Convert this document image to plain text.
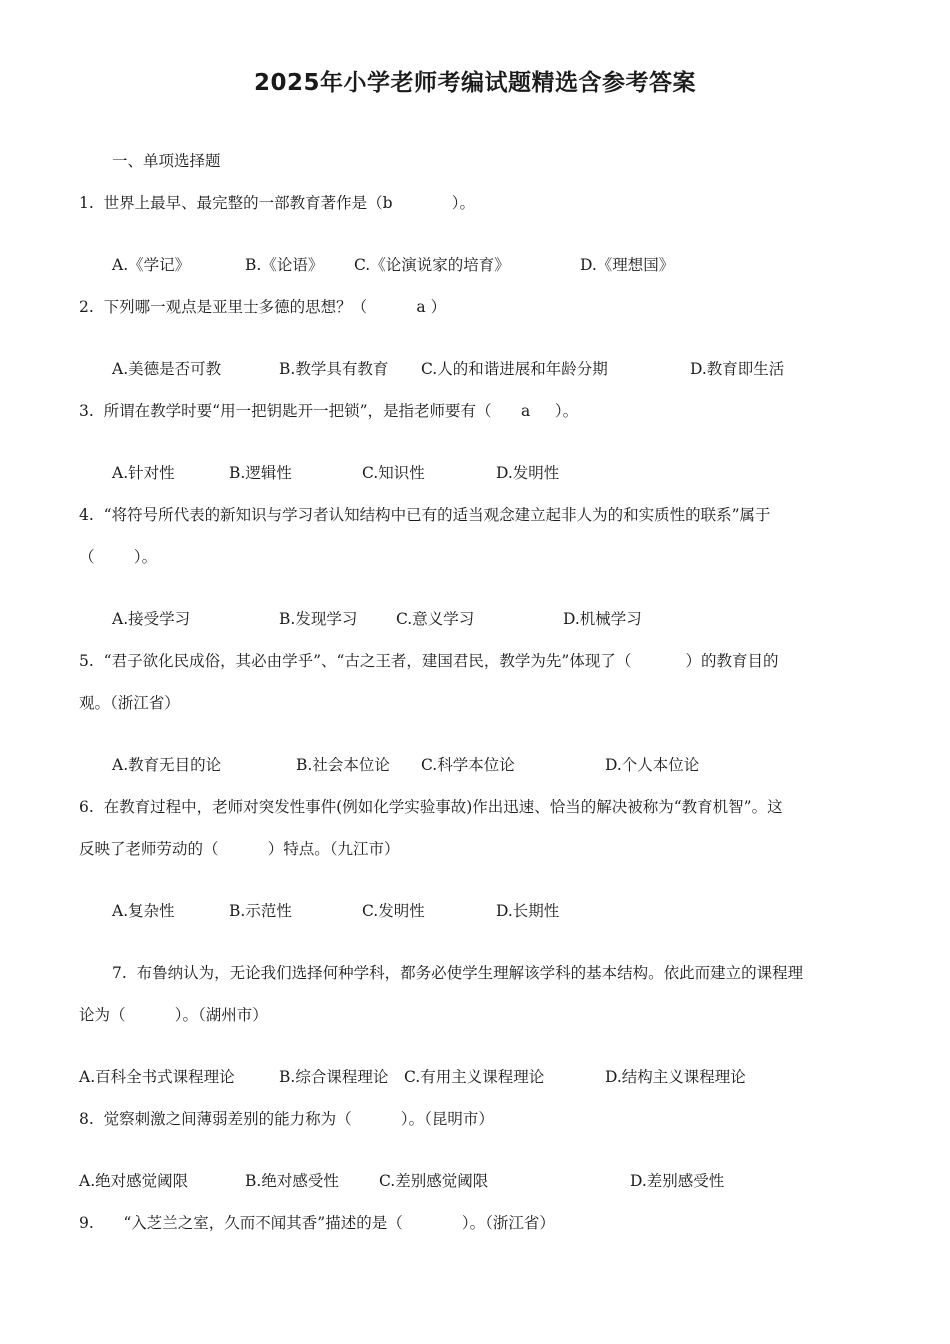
2025年小学老师考编试题精选含参考答案
一、单项选择题
1.  世界上最早、最完整的一部教育著作是（b            ）。
A.《学记》	B.《论语》 C.《论演说家的培育》	D.《理想国》
2.  下列哪一观点是亚里士多德的思想？（          a ）
A.美德是否可教	B.教学具有教育 C.人的和谐进展和年龄分期	D.教育即生活
3.  所谓在教学时要“用一把钥匙开一把锁”，是指老师要有（      a     ）。
A.针对性	B.逻辑性	C.知识性	D.发明性
4.  “将符号所代表的新知识与学习者认知结构中已有的适当观念建立起非人为的和实质性的联系”属于
（        ）。
A.接受学习	B.发现学习 C.意义学习	D.机械学习
5.  “君子欲化民成俗，其必由学乎”、“古之王者，建国君民，教学为先”体现了（           ）的教育目的
观。（浙江省）
A.教育无目的论	B.社会本位论 C.科学本位论	D.个人本位论
6.  在教育过程中，老师对突发性事件(例如化学实验事故)作出迅速、恰当的解决被称为“教育机智”。这
反映了老师劳动的（          ）特点。（九江市）
A.复杂性	B.示范性	C.发明性	D.长期性
7.  布鲁纳认为，无论我们选择何种学科，都务必使学生理解该学科的基本结构。依此而建立的课程理
论为（          ）。（湖州市）
A.百科全书式课程理论	B.综合课程理论 C.有用主义课程理论	D.结构主义课程理论
8.  觉察刺激之间薄弱差别的能力称为（          ）。（昆明市）
A.绝对感觉阈限	B.绝对感受性	C.差别感觉阈限	D.差别感受性
9.      “入芝兰之室，久而不闻其香”描述的是（            ）。（浙江省）
